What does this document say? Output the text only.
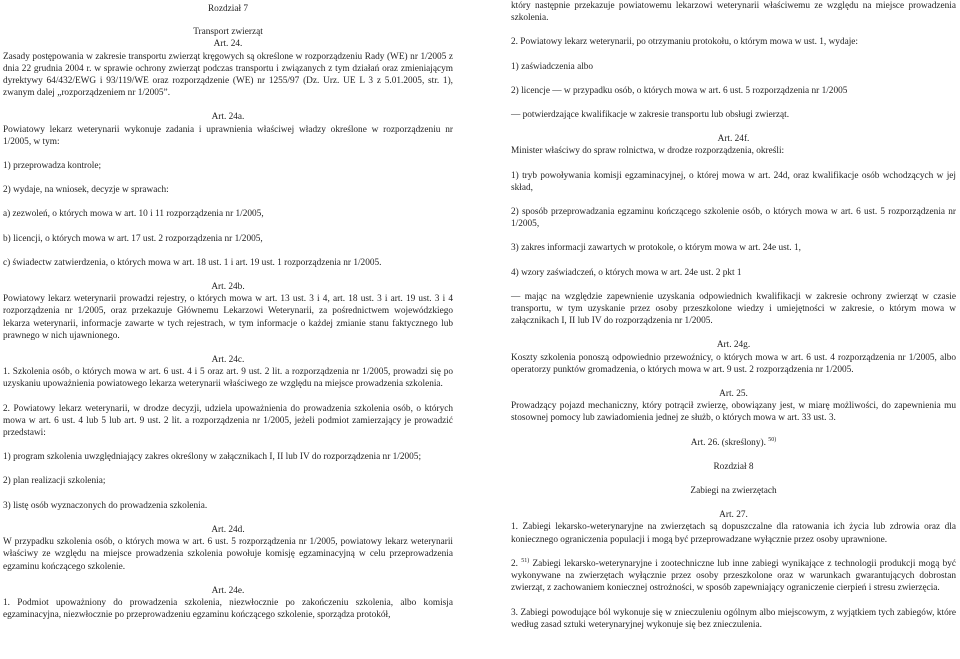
Rozdział 7

Transport zwierząt

Art. 24.

Zasady postępowania w zakresie transportu zwierząt kręgowych są określone w rozporządzeniu Rady (WE) nr 1/2005 z dnia 22 grudnia 2004 r. w sprawie ochrony zwierząt podczas transportu i związanych z tym działań oraz zmieniającym dyrektywy 64/432/EWG i 93/119/WE oraz rozporządzenie (WE) nr 1255/97 (Dz. Urz. UE L 3 z 5.01.2005, str. 1), zwanym dalej „rozporządzeniem nr 1/2005”.

Art. 24a.

Powiatowy lekarz weterynarii wykonuje zadania i uprawnienia właściwej władzy określone w rozporządzeniu nr 1/2005, w tym:

1) przeprowadza kontrole;

2) wydaje, na wniosek, decyzje w sprawach:

a) zezwoleń, o których mowa w art. 10 i 11 rozporządzenia nr 1/2005,

b) licencji, o których mowa w art. 17 ust. 2 rozporządzenia nr 1/2005,

c) świadectw zatwierdzenia, o których mowa w art. 18 ust. 1 i art. 19 ust. 1 rozporządzenia nr 1/2005.

Art. 24b.

Powiatowy lekarz weterynarii prowadzi rejestry, o których mowa w art. 13 ust. 3 i 4, art. 18 ust. 3 i art. 19 ust. 3 i 4 rozporządzenia nr 1/2005, oraz przekazuje Głównemu Lekarzowi Weterynarii, za pośrednictwem wojewódzkiego lekarza weterynarii, informacje zawarte w tych rejestrach, w tym informacje o każdej zmianie stanu faktycznego lub prawnego w nich ujawnionego.

Art. 24c.

1. Szkolenia osób, o których mowa w art. 6 ust. 4 i 5 oraz art. 9 ust. 2 lit. a rozporządzenia nr 1/2005, prowadzi się po uzyskaniu upoważnienia powiatowego lekarza weterynarii właściwego ze względu na miejsce prowadzenia szkolenia.

2. Powiatowy lekarz weterynarii, w drodze decyzji, udziela upoważnienia do prowadzenia szkolenia osób, o których mowa w art. 6 ust. 4 lub 5 lub art. 9 ust. 2 lit. a rozporządzenia nr 1/2005, jeżeli podmiot zamierzający je prowadzić przedstawi:

1) program szkolenia uwzględniający zakres określony w załącznikach I, II lub IV do rozporządzenia nr 1/2005;

2) plan realizacji szkolenia;

3) listę osób wyznaczonych do prowadzenia szkolenia.

Art. 24d.

W przypadku szkolenia osób, o których mowa w art. 6 ust. 5 rozporządzenia nr 1/2005, powiatowy lekarz weterynarii właściwy ze względu na miejsce prowadzenia szkolenia powołuje komisję egzaminacyjną w celu przeprowadzenia egzaminu kończącego szkolenie.

Art. 24e.

1. Podmiot upoważniony do prowadzenia szkolenia, niezwłocznie po zakończeniu szkolenia, albo komisja egzaminacyjna, niezwłocznie po przeprowadzeniu egzaminu kończącego szkolenie, sporządza protokół,

który następnie przekazuje powiatowemu lekarzowi weterynarii właściwemu ze względu na miejsce prowadzenia szkolenia.

2. Powiatowy lekarz weterynarii, po otrzymaniu protokołu, o którym mowa w ust. 1, wydaje:

1) zaświadczenia albo

2) licencje — w przypadku osób, o których mowa w art. 6 ust. 5 rozporządzenia nr 1/2005

— potwierdzające kwalifikacje w zakresie transportu lub obsługi zwierząt.

Art. 24f.

Minister właściwy do spraw rolnictwa, w drodze rozporządzenia, określi:

1) tryb powoływania komisji egzaminacyjnej, o której mowa w art. 24d, oraz kwalifikacje osób wchodzących w jej skład,

2) sposób przeprowadzania egzaminu kończącego szkolenie osób, o których mowa w art. 6 ust. 5 rozporządzenia nr 1/2005,

3) zakres informacji zawartych w protokole, o którym mowa w art. 24e ust. 1,

4) wzory zaświadczeń, o których mowa w art. 24e ust. 2 pkt 1

— mając na względzie zapewnienie uzyskania odpowiednich kwalifikacji w zakresie ochrony zwierząt w czasie transportu, w tym uzyskanie przez osoby przeszkolone wiedzy i umiejętności w zakresie, o którym mowa w załącznikach I, II lub IV do rozporządzenia nr 1/2005.

Art. 24g.

Koszty szkolenia ponoszą odpowiednio przewoźnicy, o których mowa w art. 6 ust. 4 rozporządzenia nr 1/2005, albo operatorzy punktów gromadzenia, o których mowa w art. 9 ust. 2 rozporządzenia nr 1/2005.

Art. 25.

Prowadzący pojazd mechaniczny, który potrącił zwierzę, obowiązany jest, w miarę możliwości, do zapewnienia mu stosownej pomocy lub zawiadomienia jednej ze służb, o których mowa w art. 33 ust. 3.

Art. 26. (skreślony). $^{50)}$

Rozdział 8

Zabiegi na zwierzętach

Art. 27.

1. Zabiegi lekarsko-weterynaryjne na zwierzętach są dopuszczalne dla ratowania ich życia lub zdrowia oraz dla koniecznego ograniczenia populacji i mogą być przeprowadzane wyłącznie przez osoby uprawnione.

2. $^{51)}$ Zabiegi lekarsko-weterynaryjne i zootechniczne lub inne zabiegi wynikające z technologii produkcji mogą być wykonywane na zwierzętach wyłącznie przez osoby przeszkolone oraz w warunkach gwarantujących dobrostan zwierząt, z zachowaniem koniecznej ostrożności, w sposób zapewniający ograniczenie cierpień i stresu zwierzęcia.

3. Zabiegi powodujące ból wykonuje się w znieczuleniu ogólnym albo miejscowym, z wyjątkiem tych zabiegów, które według zasad sztuki weterynaryjnej wykonuje się bez znieczulenia.
